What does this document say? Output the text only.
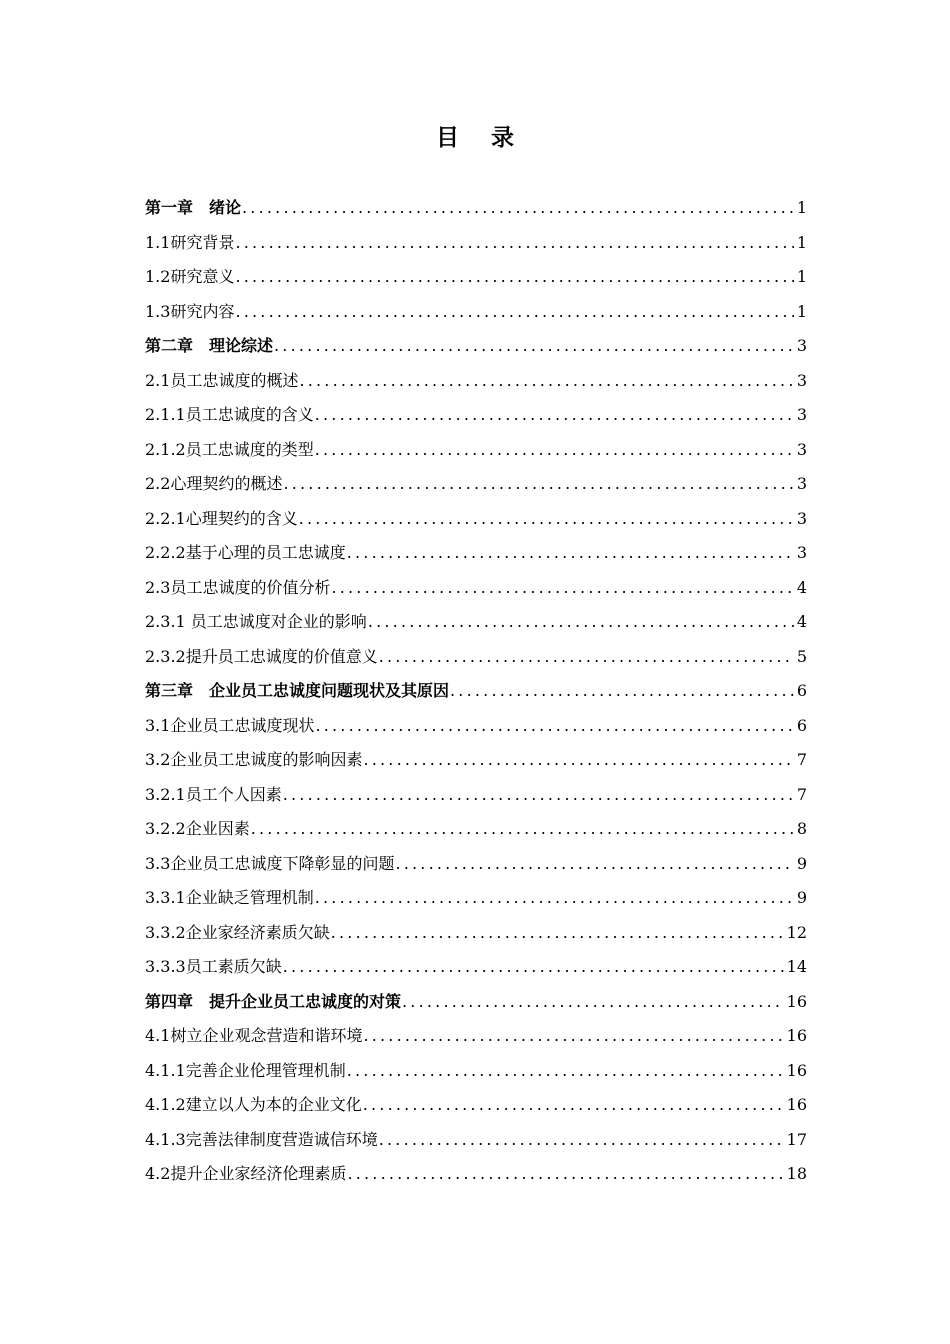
目 录
第一章　绪论 .....	1
1.1研究背景 .....	1
1.2研究意义 .....	1
1.3研究内容 .....	1
第二章　理论综述 .....	3
2.1员工忠诚度的概述 .....	3
2.1.1员工忠诚度的含义 .....	3
2.1.2员工忠诚度的类型 .....	3
2.2心理契约的概述 .....	3
2.2.1心理契约的含义 .....	3
2.2.2基于心理的员工忠诚度 .....	3
2.3员工忠诚度的价值分析 .....	4
2.3.1 员工忠诚度对企业的影响 .....	4
2.3.2提升员工忠诚度的价值意义 .....	5
第三章　企业员工忠诚度问题现状及其原因 .....	6
3.1企业员工忠诚度现状 .....	6
3.2企业员工忠诚度的影响因素 .....	7
3.2.1员工个人因素 .....	7
3.2.2企业因素 .....	8
3.3企业员工忠诚度下降彰显的问题 .....	9
3.3.1企业缺乏管理机制 .....	9
3.3.2企业家经济素质欠缺 .....	12
3.3.3员工素质欠缺 .....	14
第四章　提升企业员工忠诚度的对策 .....	16
4.1树立企业观念营造和谐环境 .....	16
4.1.1完善企业伦理管理机制 .....	16
4.1.2建立以人为本的企业文化 .....	16
4.1.3完善法律制度营造诚信环境 .....	17
4.2提升企业家经济伦理素质 .....	18
